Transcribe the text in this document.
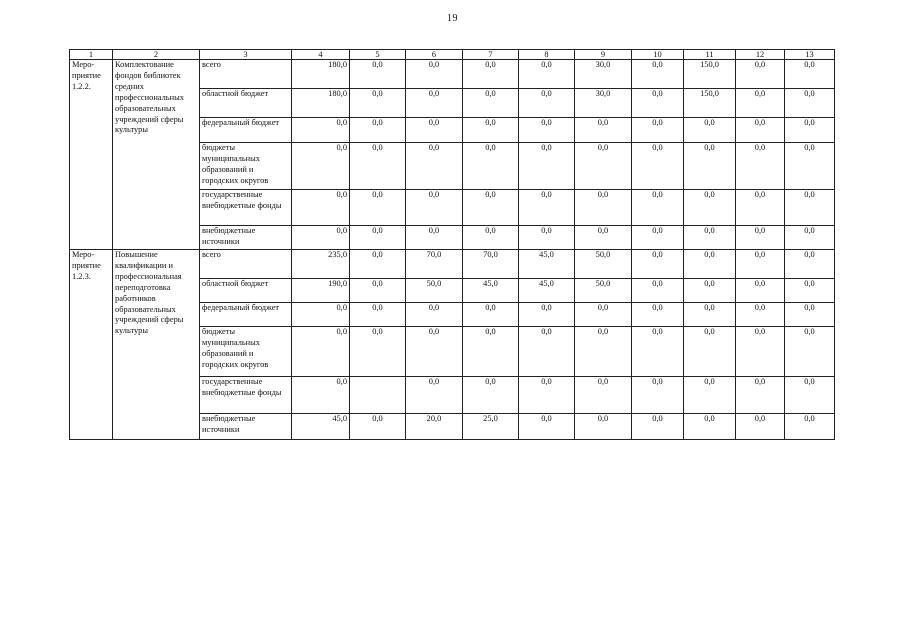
19
1	2	3	4	5	6	7	8	9	10	11	12	13
Меро-приятие 1.2.2.	Комплектование фондов библиотек средних профессиональных образовательных учреждений сферы культуры	всего	180,0	0,0	0,0	0,0	0,0	30,0	0,0	150,0	0,0	0,0
		областной бюджет	180,0	0,0	0,0	0,0	0,0	30,0	0,0	150,0	0,0	0,0
		федеральный бюджет	0,0	0,0	0,0	0,0	0,0	0,0	0,0	0,0	0,0	0,0
		бюджеты муниципальных образований и городских округов	0,0	0,0	0,0	0,0	0,0	0,0	0,0	0,0	0,0	0,0
		государственные внебюджетные фонды	0,0	0,0	0,0	0,0	0,0	0,0	0,0	0,0	0,0	0,0
		внебюджетные источники	0,0	0,0	0,0	0,0	0,0	0,0	0,0	0,0	0,0	0,0
Меро-приятие 1.2.3.	Повышение квалификации и профессиональная переподготовка работников образовательных учреждений сферы культуры	всего	235,0	0,0	70,0	70,0	45,0	50,0	0,0	0,0	0,0	0,0
		областной бюджет	190,0	0,0	50,0	45,0	45,0	50,0	0,0	0,0	0,0	0,0
		федеральный бюджет	0,0	0,0	0,0	0,0	0,0	0,0	0,0	0,0	0,0	0,0
		бюджеты муниципальных образований и городских округов	0,0	0,0	0,0	0,0	0,0	0,0	0,0	0,0	0,0	0,0
		государственные внебюджетные фонды	0,0		0,0	0,0	0,0	0,0	0,0	0,0	0,0	0,0
		внебюджетные источники	45,0	0,0	20,0	25,0	0,0	0,0	0,0	0,0	0,0	0,0
